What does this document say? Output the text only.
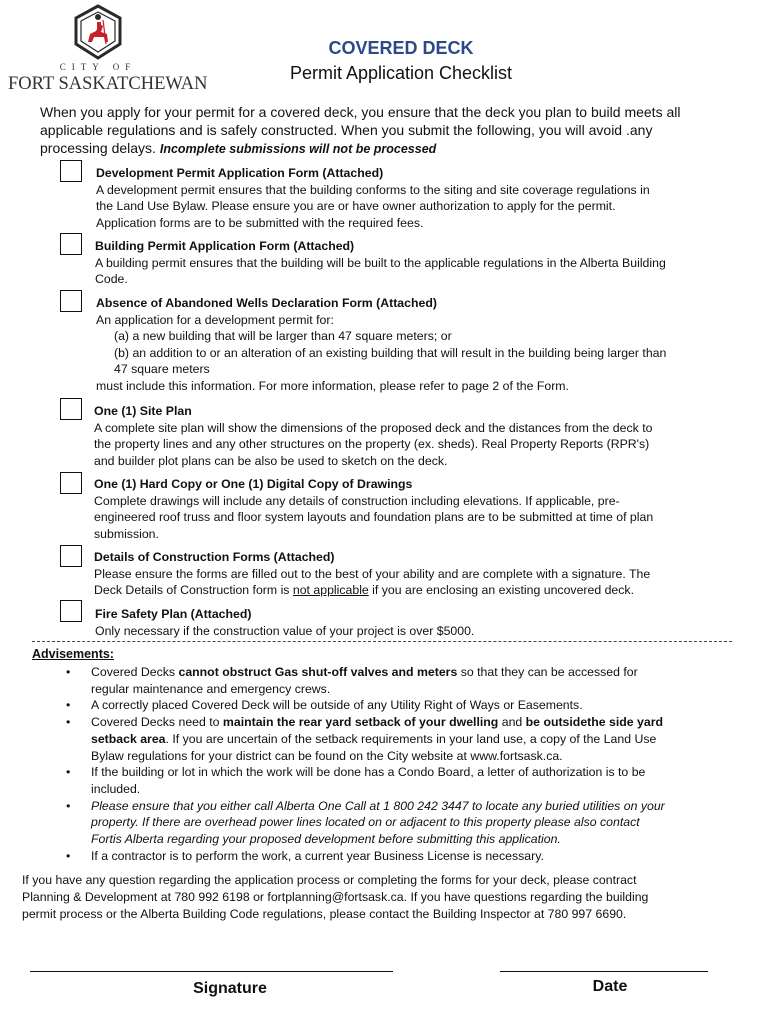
CITY OF
FORT SASKATCHEWAN
COVERED DECK
Permit Application Checklist
When you apply for your permit for a covered deck, you ensure that the deck you plan to build meets all
applicable regulations and is safely constructed. When you submit the following, you will avoid .any
processing delays. Incomplete submissions will not be processed
Development Permit Application Form (Attached)
A development permit ensures that the building conforms to the siting and site coverage regulations in
the Land Use Bylaw. Please ensure you are or have owner authorization to apply for the permit.
Application forms are to be submitted with the required fees.
Building Permit Application Form (Attached)
A building permit ensures that the building will be built to the applicable regulations in the Alberta Building
Code.
Absence of Abandoned Wells Declaration Form (Attached)
An application for a development permit for:
(a) a new building that will be larger than 47 square meters; or
(b) an addition to or an alteration of an existing building that will result in the building being larger than
47 square meters
must include this information. For more information, please refer to page 2 of the Form.
One (1) Site Plan
A complete site plan will show the dimensions of the proposed deck and the distances from the deck to
the property lines and any other structures on the property (ex. sheds). Real Property Reports (RPR's)
and builder plot plans can be also be used to sketch on the deck.
One (1) Hard Copy or One (1) Digital Copy of Drawings
Complete drawings will include any details of construction including elevations. If applicable, pre-
engineered roof truss and floor system layouts and foundation plans are to be submitted at time of plan
submission.
Details of Construction Forms (Attached)
Please ensure the forms are filled out to the best of your ability and are complete with a signature. The
Deck Details of Construction form is not applicable if you are enclosing an existing uncovered deck.
Fire Safety Plan (Attached)
Only necessary if the construction value of your project is over $5000.
Advisements:
• Covered Decks cannot obstruct Gas shut-off valves and meters so that they can be accessed for
regular maintenance and emergency crews.
• A correctly placed Covered Deck will be outside of any Utility Right of Ways or Easements.
• Covered Decks need to maintain the rear yard setback of your dwelling and be outsidethe side yard
setback area. If you are uncertain of the setback requirements in your land use, a copy of the Land Use
Bylaw regulations for your district can be found on the City website at www.fortsask.ca.
• If the building or lot in which the work will be done has a Condo Board, a letter of authorization is to be
included.
• Please ensure that you either call Alberta One Call at 1 800 242 3447 to locate any buried utilities on your
property. If there are overhead power lines located on or adjacent to this property please also contact
Fortis Alberta regarding your proposed development before submitting this application.
• If a contractor is to perform the work, a current year Business License is necessary.
If you have any question regarding the application process or completing the forms for your deck, please contract
Planning & Development at 780 992 6198 or fortplanning@fortsask.ca. If you have questions regarding the building
permit process or the Alberta Building Code regulations, please contact the Building Inspector at 780 997 6690.
Signature	Date
